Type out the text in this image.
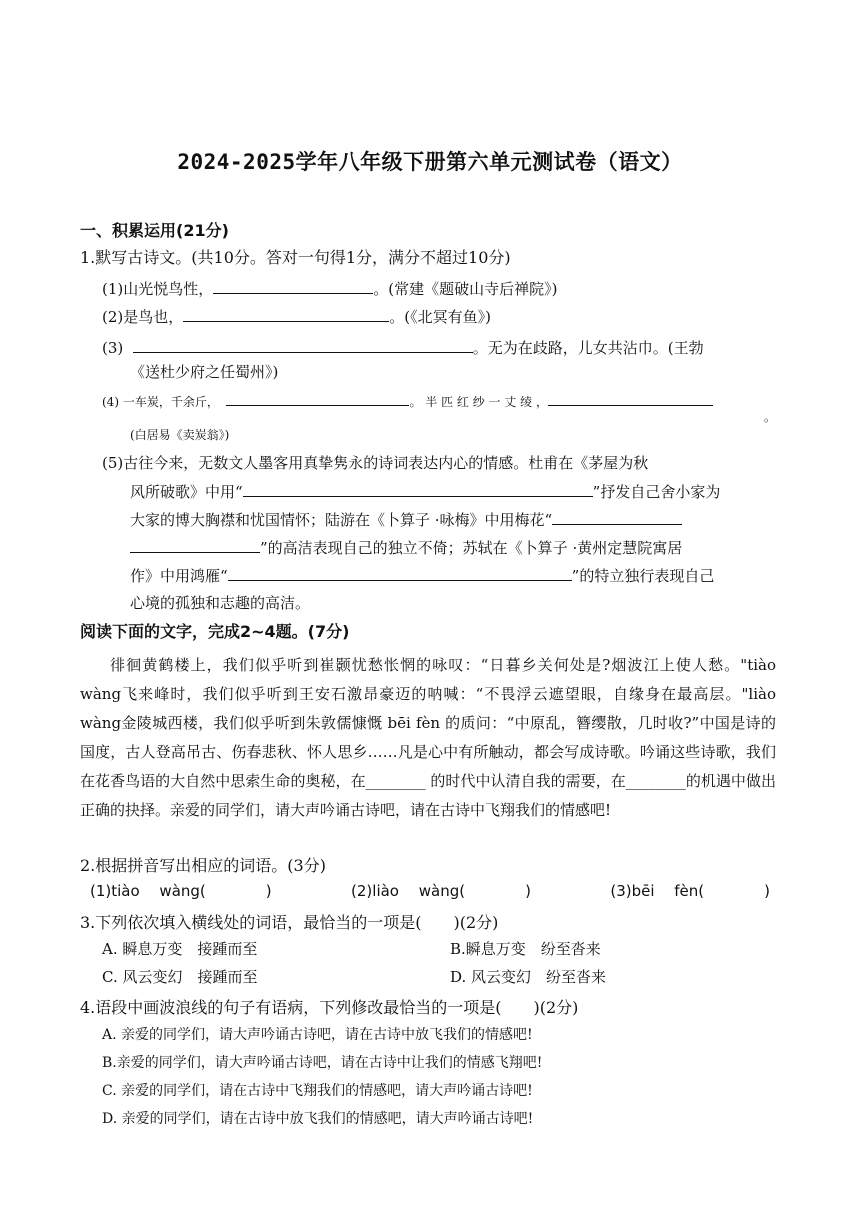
2024-2025学年八年级下册第六单元测试卷（语文）
一、积累运用(21分)
1.默写古诗文。(共10分。答对一句得1分，满分不超过10分)
(1)山光悦鸟性，	。(常建《题破山寺后禅院》)
(2)是鸟也，	。(《北冥有鱼》)
(3)	。无为在歧路，儿女共沾巾。(王勃
《送杜少府之任蜀州》)
(4) 一车炭，千余斤，	。 半 匹 红 纱 一 丈 绫 ，
。
(白居易《卖炭翁》)
(5)古往今来，无数文人墨客用真挚隽永的诗词表达内心的情感。杜甫在《茅屋为秋
风所破歌》中用“	”抒发自己舍小家为
大家的博大胸襟和忧国情怀；陆游在《卜算子 ·咏梅》中用梅花“
”的高洁表现自己的独立不倚；苏轼在《卜算子 ·黄州定慧院寓居
作》中用鸿雁“	”的特立独行表现自己
心境的孤独和志趣的高洁。
阅读下面的文字，完成2~4题。(7分)
徘徊黄鹤楼上，我们似乎听到崔颢忧愁怅惘的咏叹：“日暮乡关何处是?烟波江上使人愁。"tiào wàng飞来峰时，我们似乎听到王安石激昂豪迈的呐喊：“不畏浮云遮望眼，自缘身在最高层。"liào wàng金陵城西楼，我们似乎听到朱敦儒慷慨 bēi fèn 的质问：“中原乱，簪缨散，几时收?”中国是诗的国度，古人登高吊古、伤春悲秋、怀人思乡……凡是心中有所触动，都会写成诗歌。吟诵这些诗歌，我们在花香鸟语的大自然中思索生命的奥秘，在________ 的时代中认清自我的需要，在________的机遇中做出正确的抉择。亲爱的同学们，请大声吟诵古诗吧，请在古诗中飞翔我们的情感吧!
2.根据拼音写出相应的词语。(3分)
(1)tiào　 wàng(　　　　)	(2)liào　 wàng(　　　　)	(3)bēi　 fèn(　　　　)
3.下列依次填入横线处的词语，最恰当的一项是(　　)(2分)
A. 瞬息万变　接踵而至	B.瞬息万变　纷至沓来
C. 风云变幻　接踵而至	D. 风云变幻　纷至沓来
4.语段中画波浪线的句子有语病，下列修改最恰当的一项是(　　)(2分)
A. 亲爱的同学们，请大声吟诵古诗吧，请在古诗中放飞我们的情感吧!
B.亲爱的同学们，请大声吟诵古诗吧，请在古诗中让我们的情感飞翔吧!
C. 亲爱的同学们，请在古诗中飞翔我们的情感吧，请大声吟诵古诗吧!
D. 亲爱的同学们，请在古诗中放飞我们的情感吧，请大声吟诵古诗吧!
